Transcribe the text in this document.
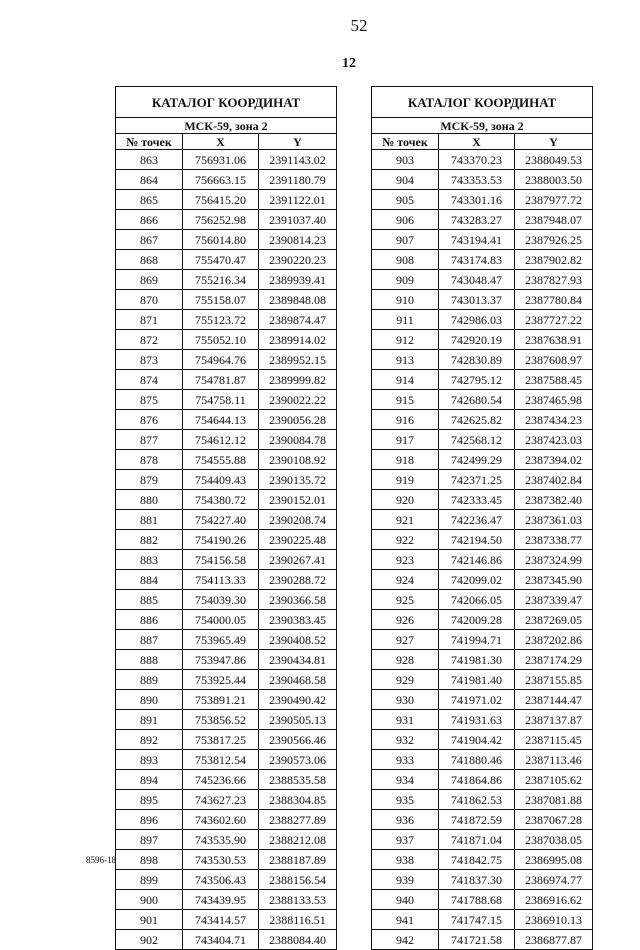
52
12
КАТАЛОГ КООРДИНАТ		
МСК-59, зона 2		
№ точек	X	Y
863	756931.06	2391143.02
864	756663.15	2391180.79
865	756415.20	2391122.01
866	756252.98	2391037.40
867	756014.80	2390814.23
868	755470.47	2390220.23
869	755216.34	2389939.41
870	755158.07	2389848.08
871	755123.72	2389874.47
872	755052.10	2389914.02
873	754964.76	2389952.15
874	754781.87	2389999.82
875	754758.11	2390022.22
876	754644.13	2390056.28
877	754612.12	2390084.78
878	754555.88	2390108.92
879	754409.43	2390135.72
880	754380.72	2390152.01
881	754227.40	2390208.74
882	754190.26	2390225.48
883	754156.58	2390267.41
884	754113.33	2390288.72
885	754039.30	2390366.58
886	754000.05	2390383.45
887	753965.49	2390408.52
888	753947.86	2390434.81
889	753925.44	2390468.58
890	753891.21	2390490.42
891	753856.52	2390505.13
892	753817.25	2390566.46
893	753812.54	2390573.06
894	745236.66	2388535.58
895	743627.23	2388304.85
896	743602.60	2388277.89
897	743535.90	2388212.08
898	743530.53	2388187.89
899	743506.43	2388156.54
900	743439.95	2388133.53
901	743414.57	2388116.51
902	743404.71	2388084.40
КАТАЛОГ КООРДИНАТ		
МСК-59, зона 2		
№ точек	X	Y
903	743370.23	2388049.53
904	743353.53	2388003.50
905	743301.16	2387977.72
906	743283.27	2387948.07
907	743194.41	2387926.25
908	743174.83	2387902.82
909	743048.47	2387827.93
910	743013.37	2387780.84
911	742986.03	2387727.22
912	742920.19	2387638.91
913	742830.89	2387608.97
914	742795.12	2387588.45
915	742680.54	2387465.98
916	742625.82	2387434.23
917	742568.12	2387423.03
918	742499.29	2387394.02
919	742371.25	2387402.84
920	742333.45	2387382.40
921	742236.47	2387361.03
922	742194.50	2387338.77
923	742146.86	2387324.99
924	742099.02	2387345.90
925	742066.05	2387339.47
926	742009.28	2387269.05
927	741994.71	2387202.86
928	741981.30	2387174.29
929	741981.40	2387155.85
930	741971.02	2387144.47
931	741931.63	2387137.87
932	741904.42	2387115.45
933	741880.46	2387113.46
934	741864.86	2387105.62
935	741862.53	2387081.88
936	741872.59	2387067.28
937	741871.04	2387038.05
938	741842.75	2386995.08
939	741837.30	2386974.77
940	741788.68	2386916.62
941	741747.15	2386910.13
942	741721.58	2386877.87
8596-18
